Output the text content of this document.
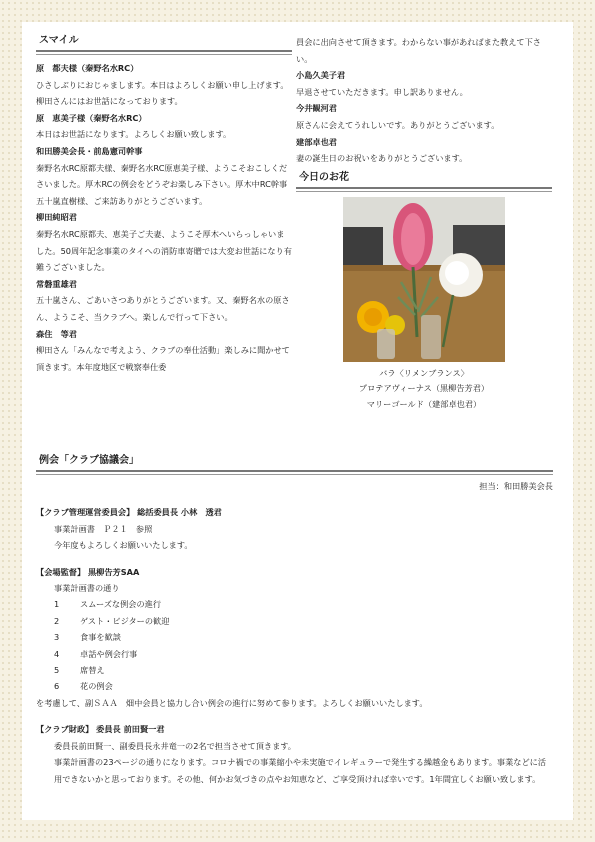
スマイル
原　都夫様（秦野名水RC）
ひさしぶりにおじゃまします。本日はよろしくお願い申し上げます。柳田さんにはお世話になっております。
原　恵美子様（秦野名水RC）
本日はお世話になります。よろしくお願い致します。
和田勝美会長・前島憲司幹事
秦野名水RC原都夫様、秦野名水RC原恵美子様、ようこそおこしくださいました。厚木RCの例会をどうぞお楽しみ下さい。厚木中RC幹事五十嵐直樹様、ご来訪ありがとうございます。
柳田純昭君
秦野名水RC原都夫、恵美子ご夫妻、ようこそ厚木へいらっしゃいました。50周年記念事業のタイへの消防車寄贈では大変お世話になり有難うございました。
常磐重雄君
五十嵐さん、ごあいさつありがとうございます。又、秦野名水の原さん、ようこそ、当クラブへ。楽しんで行って下さい。
森住　等君
柳田さん「みんなで考えよう、クラブの奉仕活動」楽しみに聞かせて頂きます。本年度地区で戦察奉仕委
員会に出向させて頂きます。わからない事があればまた教えて下さい。
小島久美子君
早退させていただきます。申し訳ありません。
今井観河君
原さんに会えてうれしいです。ありがとうございます。
建部卓也君
妻の誕生日のお祝いをありがとうございます。
今日のお花
バラ〈リメンブランス〉
プロテアヴィーナス（黒柳告芳君）
マリーゴールド（建部卓也君）
例会「クラブ協議会」
担当：和田勝美会長
【クラブ管理運営委員会】 総括委員長 小林　透君
事業計画書　Ｐ２１　参照
今年度もよろしくお願いいたします。
【会場監督】 黒柳告芳SAA
事業計画書の通り
1	スムーズな例会の進行
2	ゲスト・ビジターの歓迎
3	食事を歓談
4	卓話や例会行事
5	席替え
6	花の例会
を考慮して、副ＳＡＡ　畑中会員と協力し合い例会の進行に努めて参ります。よろしくお願いいたします。
【クラブ財政】 委員長 前田賢一君
委員長前田賢一、副委員長永井竜一の2名で担当させて頂きます。
事業計画書の23ページの通りになります。コロナ禍での事業縮小や未実施でイレギュラーで発生する繰越金もあります。事業などに活用できないかと思っております。その他、何かお気づきの点やお知恵など、ご享受頂ければ幸いです。1年間宜しくお願い致します。
